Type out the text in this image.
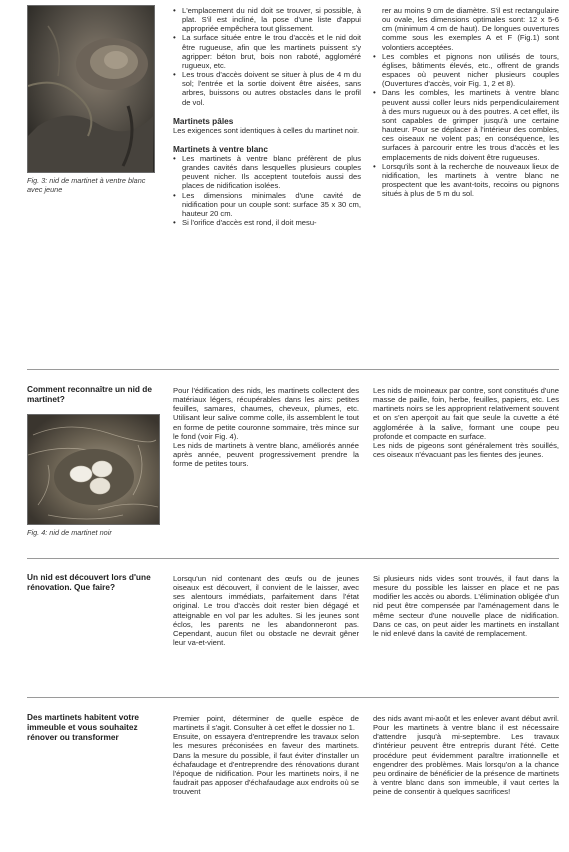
Fig. 3: nid de martinet à ventre blanc avec jeune
• L'emplacement du nid doit se trouver, si possible, à plat. S'il est incliné, la pose d'une liste d'appui appropriée empêchera tout glissement.
• La surface située entre le trou d'accès et le nid doit être rugueuse, afin que les martinets puissent s'y agripper: béton brut, bois non raboté, aggloméré rugueux, etc.
• Les trous d'accès doivent se situer à plus de 4 m du sol; l'entrée et la sortie doivent être aisées, sans arbres, buissons ou autres obstacles dans le profil de vol.
Martinets pâles
Les exigences sont identiques à celles du martinet noir.
Martinets à ventre blanc
• Les martinets à ventre blanc préfèrent de plus grandes cavités dans lesquelles plusieurs couples peuvent nicher. Ils acceptent toutefois aussi des places de nidification isolées.
• Les dimensions minimales d'une cavité de nidification pour un couple sont: surface 35 x 30 cm, hauteur 20 cm.
• Si l'orifice d'accès est rond, il doit mesu-
rer au moins 9 cm de diamètre. S'il est rectangulaire ou ovale, les dimensions optimales sont: 12 x 5-6 cm (minimum 4 cm de haut). De longues ouvertures comme sous les exemples A et F (Fig.1) sont volontiers acceptées.
• Les combles et pignons non utilisés de tours, églises, bâtiments élevés, etc., offrent de grands espaces où peuvent nicher plusieurs couples (Ouvertures d'accès, voir Fig. 1, 2 et 8).
• Dans les combles, les martinets à ventre blanc peuvent aussi coller leurs nids perpendiculairement à des murs rugueux ou à des poutres. A cet effet, ils sont capables de grimper jusqu'à une certaine hauteur. Pour se déplacer à l'intérieur des combles, ces oiseaux ne volent pas; en conséquence, les surfaces à parcourir entre les trous d'accès et les emplacements de nids doivent être rugueuses.
• Lorsqu'ils sont à la recherche de nouveaux lieux de nidification, les martinets à ventre blanc ne prospectent que les avant-toits, recoins ou pignons situés à plus de 5 m du sol.
Comment reconnaître un nid de martinet?
Fig. 4: nid de martinet noir

Pour l'édification des nids, les martinets collectent des matériaux légers, récupérables dans les airs: petites feuilles, samares, chaumes, cheveux, plumes, etc. Utilisant leur salive comme colle, ils assemblent le tout en forme de petite couronne sommaire, très mince sur le fond (voir Fig. 4).

Les nids de martinets à ventre blanc, améliorés année après année, peuvent progressivement prendre la forme de petites tours.

Les nids de moineaux par contre, sont constitués d'une masse de paille, foin, herbe, feuilles, papiers, etc. Les martinets noirs se les approprient relativement souvent et on s'en aperçoit au fait que seule la cuvette a été agglomérée à la salive, formant une coupe peu profonde et compacte en surface.

Les nids de pigeons sont généralement très souillés, ces oiseaux n'évacuant pas les fientes des jeunes.

Un nid est découvert lors d'une rénovation. Que faire?
Lorsqu'un nid contenant des œufs ou de jeunes oiseaux est découvert, il convient de le laisser, avec ses alentours immédiats, parfaitement dans l'état original. Le trou d'accès doit rester bien dégagé et atteignable en vol par les adultes. Si les jeunes sont éclos, les parents ne les abandonneront pas. Cependant, aucun filet ou obstacle ne devrait gêner leur va-et-vient.
Si plusieurs nids vides sont trouvés, il faut dans la mesure du possible les laisser en place et ne pas modifier les accès ou abords. L'élimination obligée d'un nid peut être compensée par l'aménagement dans le même secteur d'une nouvelle place de nidification. Dans ce cas, on peut aider les martinets en installant le nid enlevé dans la cavité de remplacement.
Des martinets habitent votre immeuble et vous souhaitez rénover ou transformer

Premier point, déterminer de quelle espèce de martinets il s'agit. Consulter à cet effet le dossier no 1.

Ensuite, on essayera d'entreprendre les travaux selon les mesures préconisées en faveur des martinets. Dans la mesure du possible, il faut éviter d'installer un échafaudage et d'entreprendre des rénovations durant l'époque de nidification. Pour les martinets noirs, il ne faudrait pas apposer d'échafaudage aux endroits où se trouvent

des nids avant mi-août et les enlever avant début avril. Pour les martinets à ventre blanc il est nécessaire d'attendre jusqu'à mi-septembre. Les travaux d'intérieur peuvent être entrepris durant l'été. Cette procédure peut évidemment paraître irrationnelle et engendrer des problèmes. Mais lorsqu'on a la chance peu ordinaire de bénéficier de la présence de martinets à ventre blanc dans son immeuble, il vaut certes la peine de consentir à quelques sacrifices!
